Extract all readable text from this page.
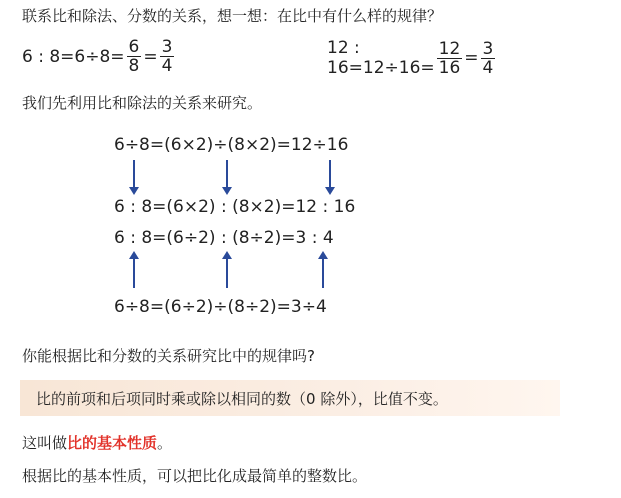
联系比和除法、分数的关系，想一想：在比中有什么样的规律？
6 : $8=6\div 8= \frac{6}{8} = \frac{3}{4}$	12 : $16=12\div 16= \frac{12}{16} = \frac{3}{4}$
我们先利用比和除法的关系来研究。
6÷8=(6×2)÷(8×2)=12÷16
6 : 8=(6×2) : (8×2)=12 : 16
6 : 8=(6÷2) : (8÷2)=3 : 4
6÷8=(6÷2)÷(8÷2)=3÷4
你能根据比和分数的关系研究比中的规律吗?
比的前项和后项同时乘或除以相同的数（0 除外），比值不变。
这叫做比的基本性质。
根据比的基本性质，可以把比化成最简单的整数比。
